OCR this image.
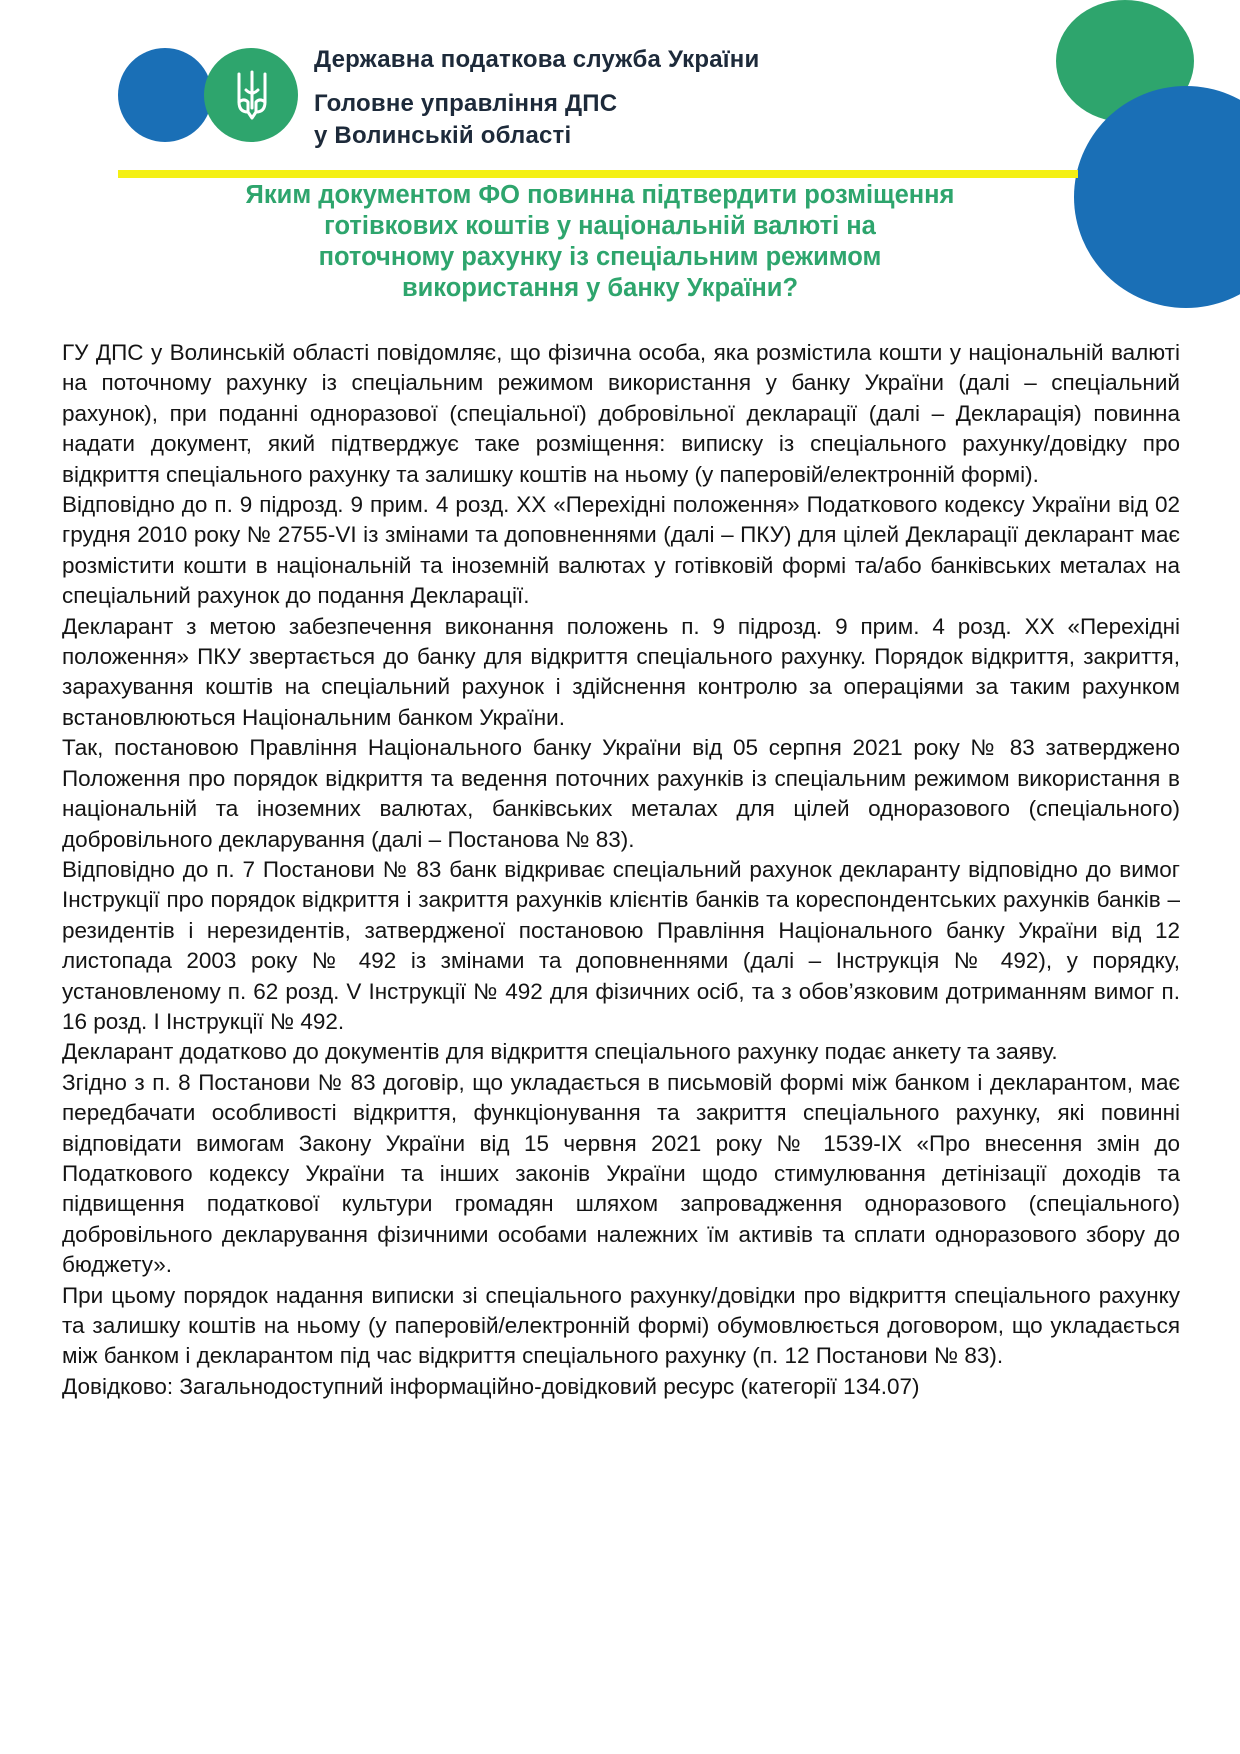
Державна податкова служба України
Головне управління ДПС
у Волинській області
Яким документом ФО повинна підтвердити розміщення
готівкових коштів у національній валюті на
поточному рахунку із спеціальним режимом
використання у банку України?

ГУ ДПС у Волинській області повідомляє, що фізична особа, яка розмістила кошти у національній валюті на поточному рахунку із спеціальним режимом використання у банку України (далі – спеціальний рахунок), при поданні одноразової (спеціальної) добровільної декларації (далі – Декларація) повинна надати документ, який підтверджує таке розміщення: виписку із спеціального рахунку/довідку про відкриття спеціального рахунку та залишку коштів на ньому (у паперовій/електронній формі).

Відповідно до п. 9 підрозд. 9 прим. 4 розд. XX «Перехідні положення» Податкового кодексу України від 02 грудня 2010 року № 2755-VI із змінами та доповненнями (далі – ПКУ) для цілей Декларації декларант має розмістити кошти в національній та іноземній валютах у готівковій формі та/або банківських металах на спеціальний рахунок до подання Декларації.

Декларант з метою забезпечення виконання положень п. 9 підрозд. 9 прим. 4 розд. XX «Перехідні положення» ПКУ звертається до банку для відкриття спеціального рахунку. Порядок відкриття, закриття, зарахування коштів на спеціальний рахунок і здійснення контролю за операціями за таким рахунком встановлюються Національним банком України.

Так, постановою Правління Національного банку України від 05 серпня 2021 року № 83 затверджено Положення про порядок відкриття та ведення поточних рахунків із спеціальним режимом використання в національній та іноземних валютах, банківських металах для цілей одноразового (спеціального) добровільного декларування (далі – Постанова № 83).

Відповідно до п. 7 Постанови № 83 банк відкриває спеціальний рахунок декларанту відповідно до вимог Інструкції про порядок відкриття і закриття рахунків клієнтів банків та кореспондентських рахунків банків – резидентів і нерезидентів, затвердженої постановою Правління Національного банку України від 12 листопада 2003 року № 492 із змінами та доповненнями (далі – Інструкція № 492), у порядку, установленому п. 62 розд. V Інструкції № 492 для фізичних осіб, та з обов’язковим дотриманням вимог п. 16 розд. I Інструкції № 492.

Декларант додатково до документів для відкриття спеціального рахунку подає анкету та заяву.

Згідно з п. 8 Постанови № 83 договір, що укладається в письмовій формі між банком і декларантом, має передбачати особливості відкриття, функціонування та закриття спеціального рахунку, які повинні відповідати вимогам Закону України від 15 червня 2021 року № 1539-IX «Про внесення змін до Податкового кодексу України та інших законів України щодо стимулювання детінізації доходів та підвищення податкової культури громадян шляхом запровадження одноразового (спеціального) добровільного декларування фізичними особами належних їм активів та сплати одноразового збору до бюджету».

При цьому порядок надання виписки зі спеціального рахунку/довідки про відкриття спеціального рахунку та залишку коштів на ньому (у паперовій/електронній формі) обумовлюється договором, що укладається між банком і декларантом під час відкриття спеціального рахунку (п. 12 Постанови № 83).

Довідково: Загальнодоступний інформаційно-довідковий ресурс (категорії 134.07)
